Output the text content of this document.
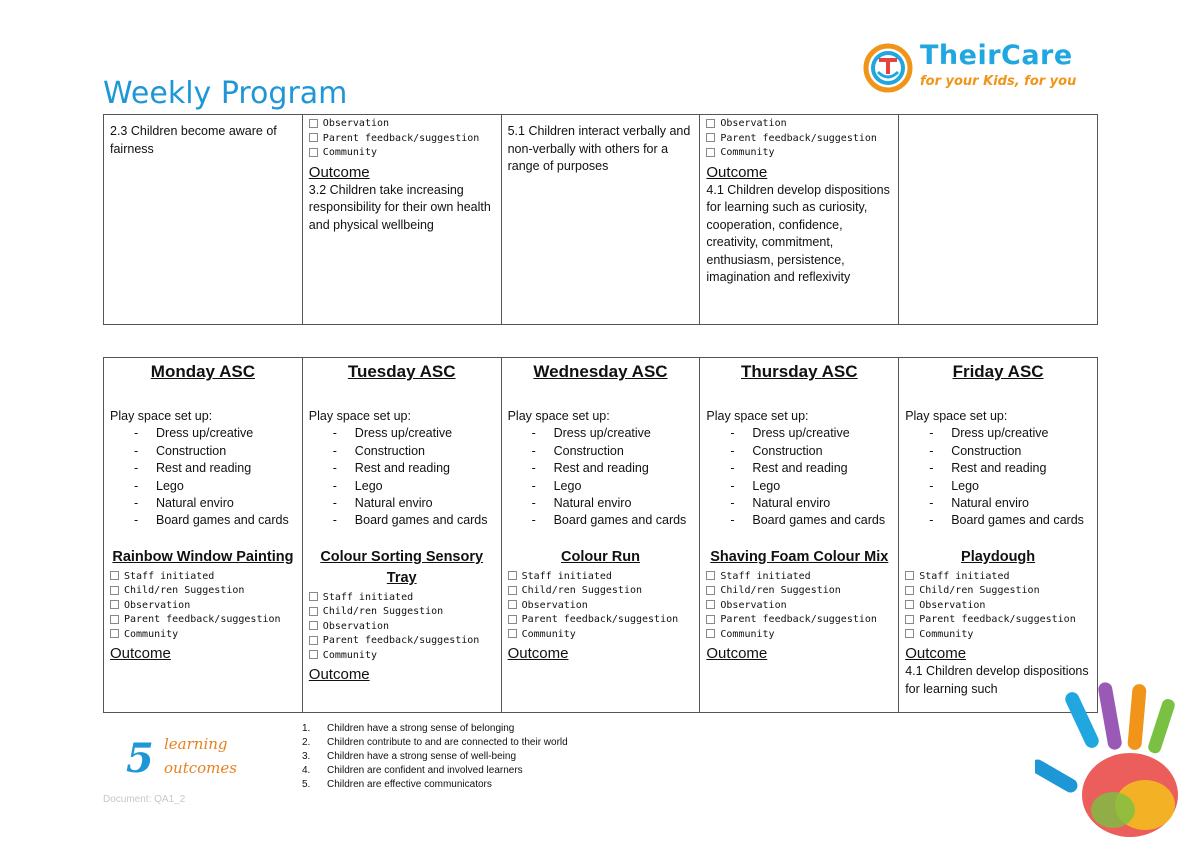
Weekly Program
TheirCare
for your Kids, for you
2.3 Children become aware of fairness

Observation
Parent feedback/suggestion
Community
Outcome
3.2 Children take increasing responsibility for their own health and physical wellbeing

5.1 Children interact verbally and non-verbally with others for a range of purposes

Observation
Parent feedback/suggestion
Community
Outcome
4.1 Children develop dispositions for learning such as curiosity, cooperation, confidence, creativity, commitment, enthusiasm, persistence, imagination and reflexivity

Monday ASC
Play space set up:
- Dress up/creative
- Construction
- Rest and reading
- Lego
- Natural enviro
- Board games and cards
Rainbow Window Painting
Staff initiated
Child/ren Suggestion
Observation
Parent feedback/suggestion
Community
Outcome

Tuesday ASC
Play space set up:
- Dress up/creative
- Construction
- Rest and reading
- Lego
- Natural enviro
- Board games and cards
Colour Sorting Sensory Tray
Staff initiated
Child/ren Suggestion
Observation
Parent feedback/suggestion
Community
Outcome

Wednesday ASC
Play space set up:
- Dress up/creative
- Construction
- Rest and reading
- Lego
- Natural enviro
- Board games and cards
Colour Run
Staff initiated
Child/ren Suggestion
Observation
Parent feedback/suggestion
Community
Outcome

Thursday ASC
Play space set up:
- Dress up/creative
- Construction
- Rest and reading
- Lego
- Natural enviro
- Board games and cards
Shaving Foam Colour Mix
Staff initiated
Child/ren Suggestion
Observation
Parent feedback/suggestion
Community
Outcome

Friday ASC
Play space set up:
- Dress up/creative
- Construction
- Rest and reading
- Lego
- Natural enviro
- Board games and cards
Playdough
Staff initiated
Child/ren Suggestion
Observation
Parent feedback/suggestion
Community
Outcome
4.1 Children develop dispositions for learning such
5 learning
outcomes
1.	Children have a strong sense of belonging
2.	Children contribute to and are connected to their world
3.	Children have a strong sense of well-being
4.	Children are confident and involved learners
5.	Children are effective communicators
Document: QA1_2
